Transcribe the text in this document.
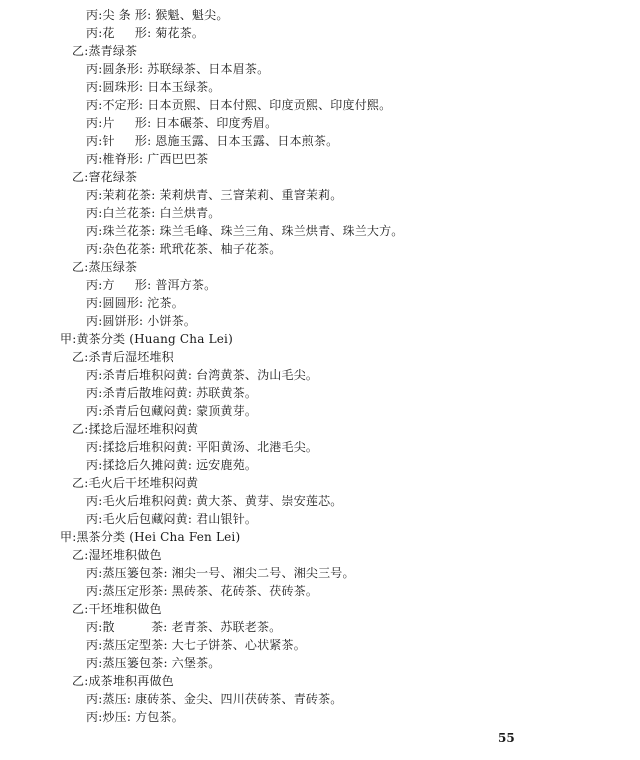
丙:尖 条 形: 猴魁、魁尖。
丙:花 　 形: 菊花茶。
乙:蒸青绿茶
丙:圆条形: 苏联绿茶、日本眉茶。
丙:圆珠形: 日本玉绿茶。
丙:不定形: 日本贡熙、日本付熙、印度贡熙、印度付熙。
丙:片 　 形: 日本碾茶、印度秀眉。
丙:针 　 形: 恩施玉露、日本玉露、日本煎茶。
丙:椎脊形: 广西巴巴茶
乙:窨花绿茶
丙:茉莉花茶: 茉莉烘青、三窨茉莉、重窨茉莉。
丙:白兰花茶: 白兰烘青。
丙:珠兰花茶: 珠兰毛峰、珠兰三角、珠兰烘青、珠兰大方。
丙:杂色花茶: 玳玳花茶、柚子花茶。
乙:蒸压绿茶
丙:方 　 形: 普洱方茶。
丙:圆圆形: 沱茶。
丙:圆饼形: 小饼茶。
甲:黄茶分类 (Huang Cha Lei)
乙:杀青后湿坯堆积
丙:杀青后堆积闷黄: 台湾黄茶、沩山毛尖。
丙:杀青后散堆闷黄: 苏联黄茶。
丙:杀青后包藏闷黄: 蒙顶黄芽。
乙:揉捻后湿坯堆积闷黄
丙:揉捻后堆积闷黄: 平阳黄汤、北港毛尖。
丙:揉捻后久摊闷黄: 远安鹿苑。
乙:毛火后干坯堆积闷黄
丙:毛火后堆积闷黄: 黄大茶、黄芽、崇安莲芯。
丙:毛火后包藏闷黄: 君山银针。
甲:黑茶分类 (Hei Cha Fen Lei)
乙:湿坯堆积做色
丙:蒸压篓包茶: 湘尖一号、湘尖二号、湘尖三号。
丙:蒸压定形茶: 黑砖茶、花砖茶、茯砖茶。
乙:干坯堆积做色
丙:散 　 　 茶: 老青茶、苏联老茶。
丙:蒸压定型茶: 大七子饼茶、心状紧茶。
丙:蒸压篓包茶: 六堡茶。
乙:成茶堆积再做色
丙:蒸压: 康砖茶、金尖、四川茯砖茶、青砖茶。
丙:炒压: 方包茶。
55
